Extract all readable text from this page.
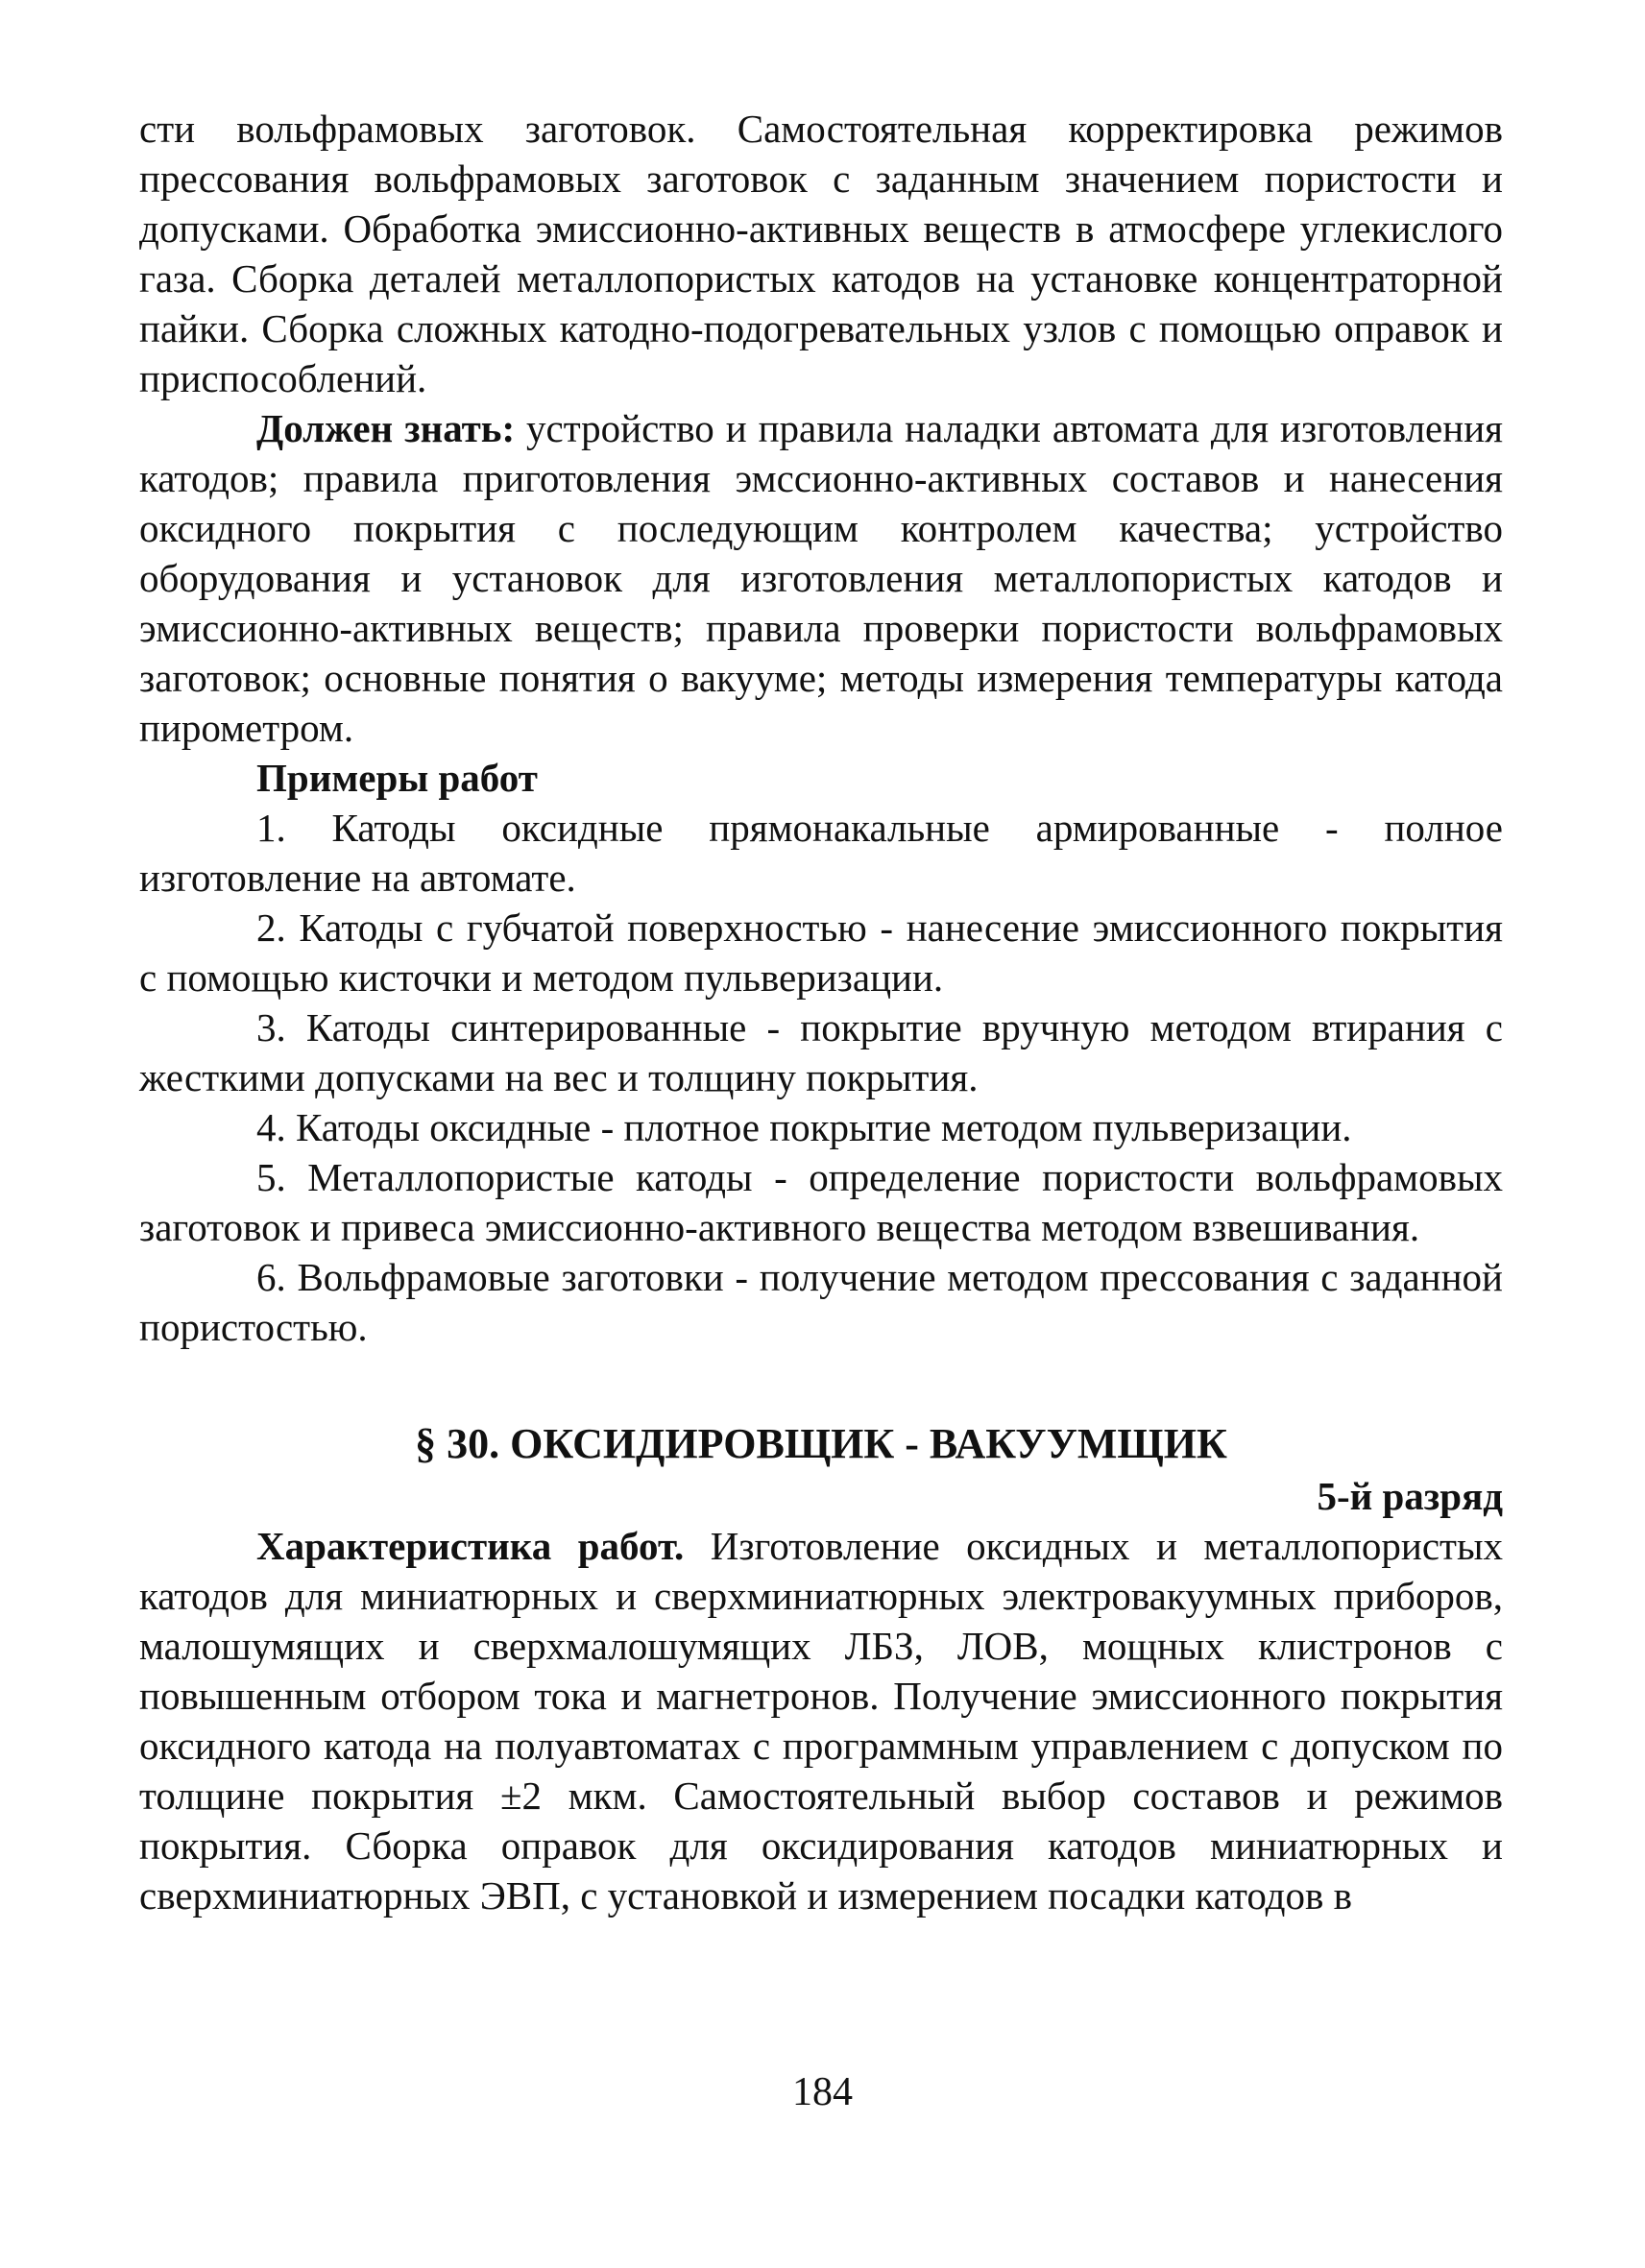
сти вольфрамовых заготовок. Самостоятельная корректировка режимов прессования вольфрамовых заготовок с заданным значением пористости и допусками. Обработка эмиссионно-активных веществ в атмосфере углекислого газа. Сборка деталей металлопористых катодов на установке концентраторной пайки. Сборка сложных катодно-подогревательных узлов с помощью оправок и приспособлений.

Должен знать: устройство и правила наладки автомата для изготовления катодов; правила приготовления эмссионно-активных составов и нанесения оксидного покрытия с последующим контролем качества; устройство оборудования и установок для изготовления металлопористых катодов и эмиссионно-активных веществ; правила проверки пористости вольфрамовых заготовок; основные понятия о вакууме; методы измерения температуры катода пирометром.

Примеры работ

1. Катоды оксидные прямонакальные армированные - полное изготовление на автомате.

2. Катоды с губчатой поверхностью - нанесение эмиссионного покрытия с помощью кисточки и методом пульверизации.

3. Катоды синтерированные - покрытие вручную методом втирания с жесткими допусками на вес и толщину покрытия.

4. Катоды оксидные - плотное покрытие методом пульверизации.

5. Металлопористые катоды - определение пористости вольфрамовых заготовок и привеса эмиссионно-активного вещества методом взвешивания.

6. Вольфрамовые заготовки - получение методом прессования с заданной пористостью.

§ 30. ОКСИДИРОВЩИК - ВАКУУМЩИК

5-й разряд

Характеристика работ. Изготовление оксидных и металлопористых катодов для миниатюрных и сверхминиатюрных электровакуумных приборов, малошумящих и сверхмалошумящих ЛБЗ, ЛОВ, мощных клистронов с повышенным отбором тока и магнетронов. Получение эмиссионного покрытия оксидного катода на полуавтоматах с программным управлением с допуском по толщине покрытия ±2 мкм. Самостоятельный выбор составов и режимов покрытия. Сборка оправок для оксидирования катодов миниатюрных и сверхминиатюрных ЭВП, с установкой и измерением посадки катодов в

184
